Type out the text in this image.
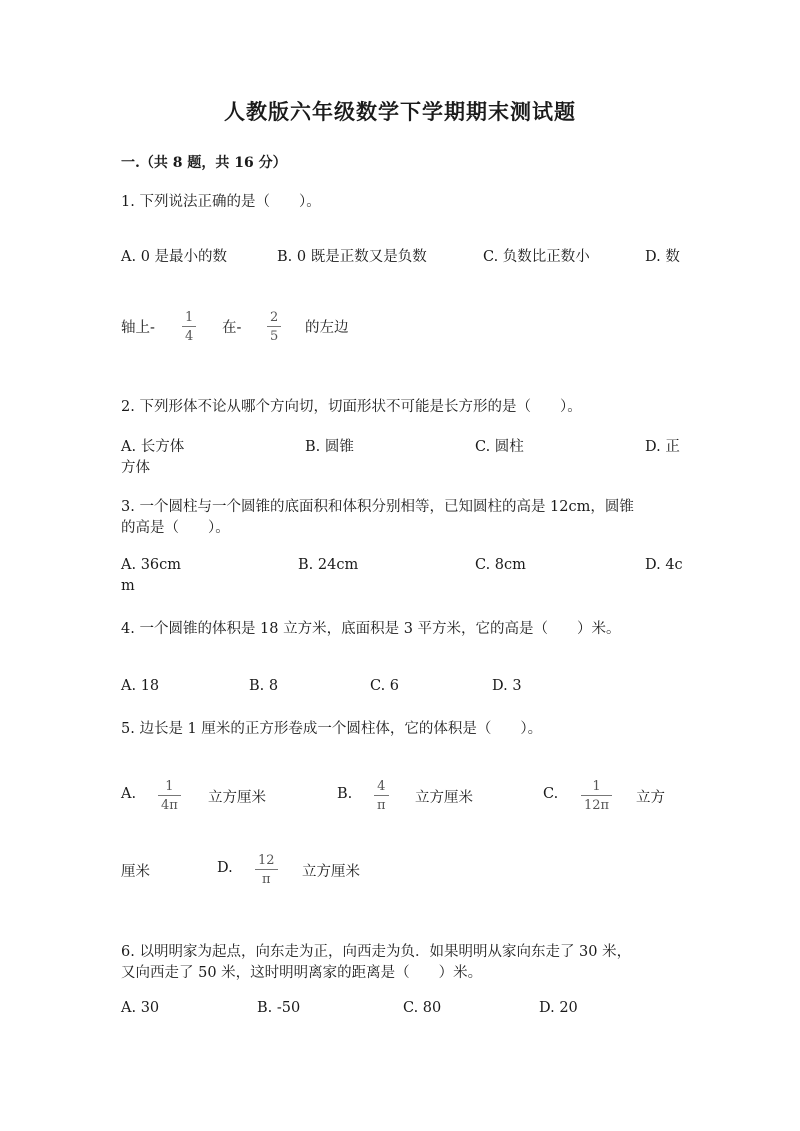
人教版六年级数学下学期期末测试题
一.（共 8 题，共 16 分）
1. 下列说法正确的是（　　）。
A. 0 是最小的数	B. 0 既是正数又是负数	C. 负数比正数小	D. 数
轴上-
1
4
在-
2
5
的左边
2. 下列形体不论从哪个方向切，切面形状不可能是长方形的是（　　）。
A. 长方体	B. 圆锥	C. 圆柱	D. 正
方体
3. 一个圆柱与一个圆锥的底面积和体积分别相等，已知圆柱的高是 12cm，圆锥
的高是（　　）。
A. 36cm	B. 24cm	C. 8cm	D. 4c
m
4. 一个圆锥的体积是 18 立方米，底面积是 3 平方米，它的高是（　　）米。
A. 18	B. 8	C. 6	D. 3
5. 边长是 1 厘米的正方形卷成一个圆柱体，它的体积是（　　）。
A. 1
4π 立方厘米	B. 4
π 立方厘米	C.	1
12π 立方
厘米	D. 12
π 立方厘米
6. 以明明家为起点，向东走为正，向西走为负．如果明明从家向东走了 30 米，
又向西走了 50 米，这时明明离家的距离是（　　）米。
A. 30	B. -50	C. 80	D. 20
